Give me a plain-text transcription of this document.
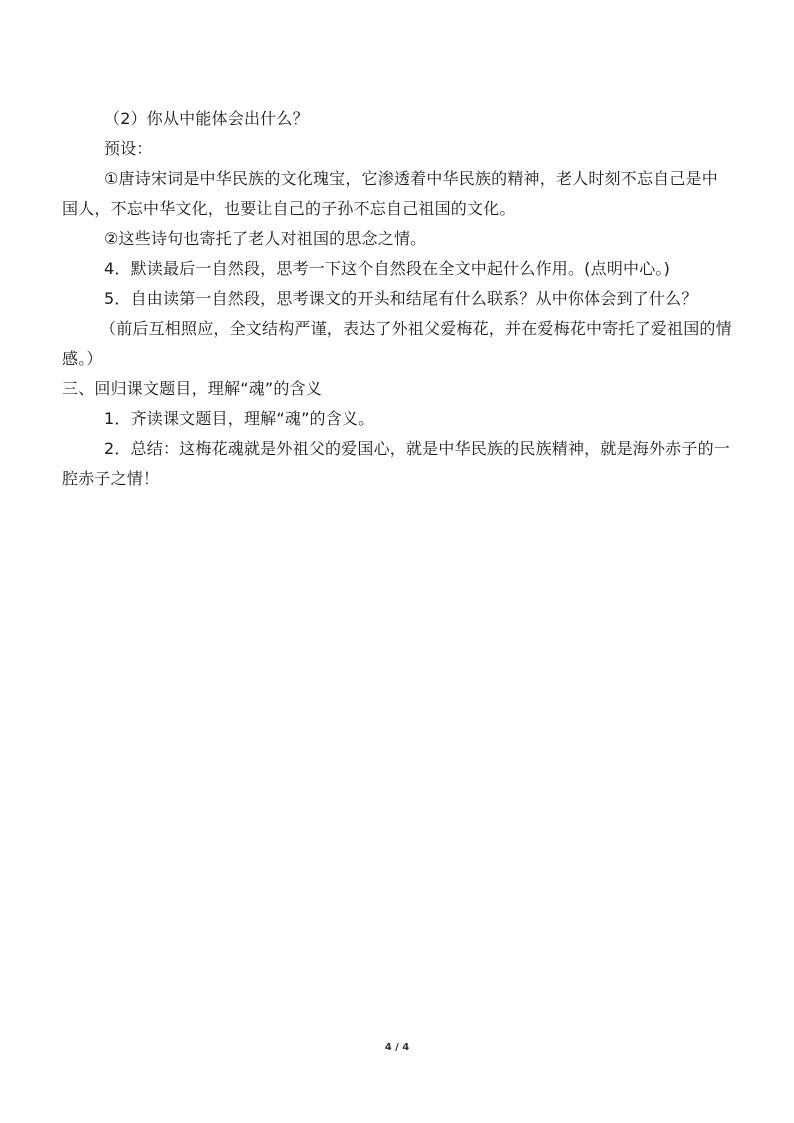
（2）你从中能体会出什么？
预设：
①唐诗宋词是中华民族的文化瑰宝，它渗透着中华民族的精神，老人时刻不忘自己是中国人，不忘中华文化，也要让自己的子孙不忘自己祖国的文化。
②这些诗句也寄托了老人对祖国的思念之情。
4．默读最后一自然段，思考一下这个自然段在全文中起什么作用。(点明中心。)
5．自由读第一自然段，思考课文的开头和结尾有什么联系？从中你体会到了什么？
（前后互相照应，全文结构严谨，表达了外祖父爱梅花，并在爱梅花中寄托了爱祖国的情感。）
三、回归课文题目，理解“魂”的含义
1．齐读课文题目，理解“魂”的含义。
2．总结：这梅花魂就是外祖父的爱国心，就是中华民族的民族精神，就是海外赤子的一腔赤子之情！
4 / 4
